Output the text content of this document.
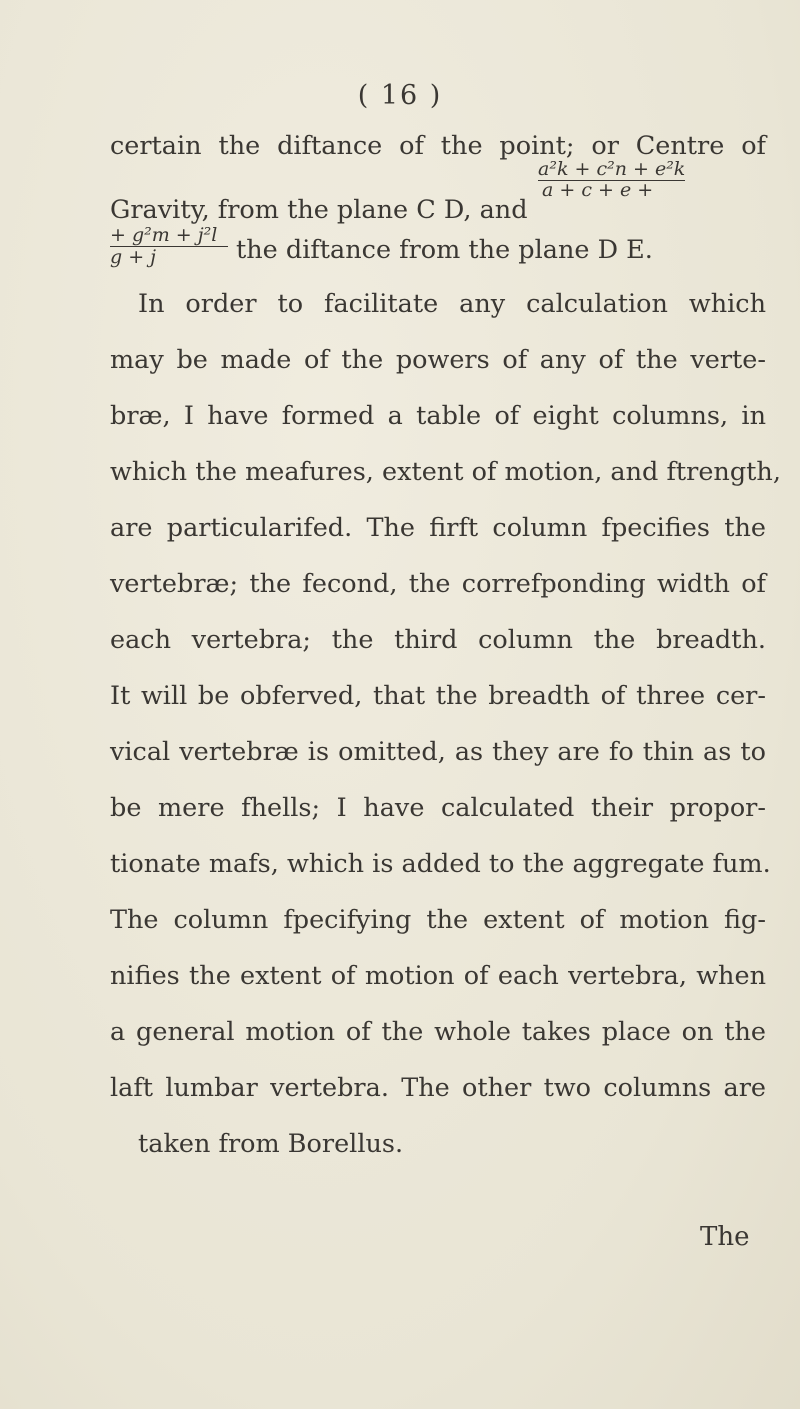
( 16 )
certain the diftance of the point; or Centre of
Gravity, from the plane C D, and
$\frac{\text{a²k + c²n + e²k}}{a + c + e +}$
$\frac{\text{+ g²m + j²l}}{g + j}$ the diftance from the plane D E.
In order to facilitate any calculation which
may be made of the powers of any of the verte-
bræ, I have formed a table of eight columns, in
which the meafures, extent of motion, and ftrength,
are particularifed. The firft column fpecifies the
vertebræ; the fecond, the correfponding width of
each vertebra; the third column the breadth.
It will be obferved, that the breadth of three cer-
vical vertebræ is omitted, as they are fo thin as to
be mere fhells; I have calculated their propor-
tionate mafs, which is added to the aggregate fum.
The column fpecifying the extent of motion fig-
nifies the extent of motion of each vertebra, when
a general motion of the whole takes place on the
The
laft lumbar vertebra. The other two columns are
taken from Borellus.
